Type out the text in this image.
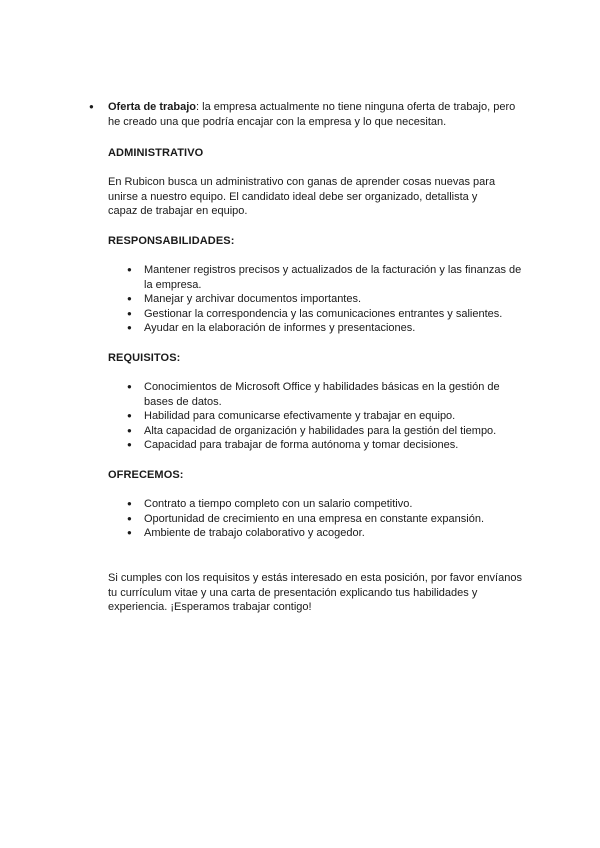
●	Oferta de trabajo: la empresa actualmente no tiene ninguna oferta de trabajo, pero he creado una que podría encajar con la empresa y lo que necesitan.
ADMINISTRATIVO
En Rubicon busca un administrativo con ganas de aprender cosas nuevas para unirse a nuestro equipo. El candidato ideal debe ser organizado, detallista y capaz de trabajar en equipo.
RESPONSABILIDADES:
●	Mantener registros precisos y actualizados de la facturación y las finanzas de la empresa.
●	Manejar y archivar documentos importantes.
●	Gestionar la correspondencia y las comunicaciones entrantes y salientes.
●	Ayudar en la elaboración de informes y presentaciones.
REQUISITOS:
●	Conocimientos de Microsoft Office y habilidades básicas en la gestión de bases de datos.
●	Habilidad para comunicarse efectivamente y trabajar en equipo.
●	Alta capacidad de organización y habilidades para la gestión del tiempo.
●	Capacidad para trabajar de forma autónoma y tomar decisiones.
OFRECEMOS:
●	Contrato a tiempo completo con un salario competitivo.
●	Oportunidad de crecimiento en una empresa en constante expansión.
●	Ambiente de trabajo colaborativo y acogedor.
Si cumples con los requisitos y estás interesado en esta posición, por favor envíanos tu currículum vitae y una carta de presentación explicando tus habilidades y experiencia. ¡Esperamos trabajar contigo!
